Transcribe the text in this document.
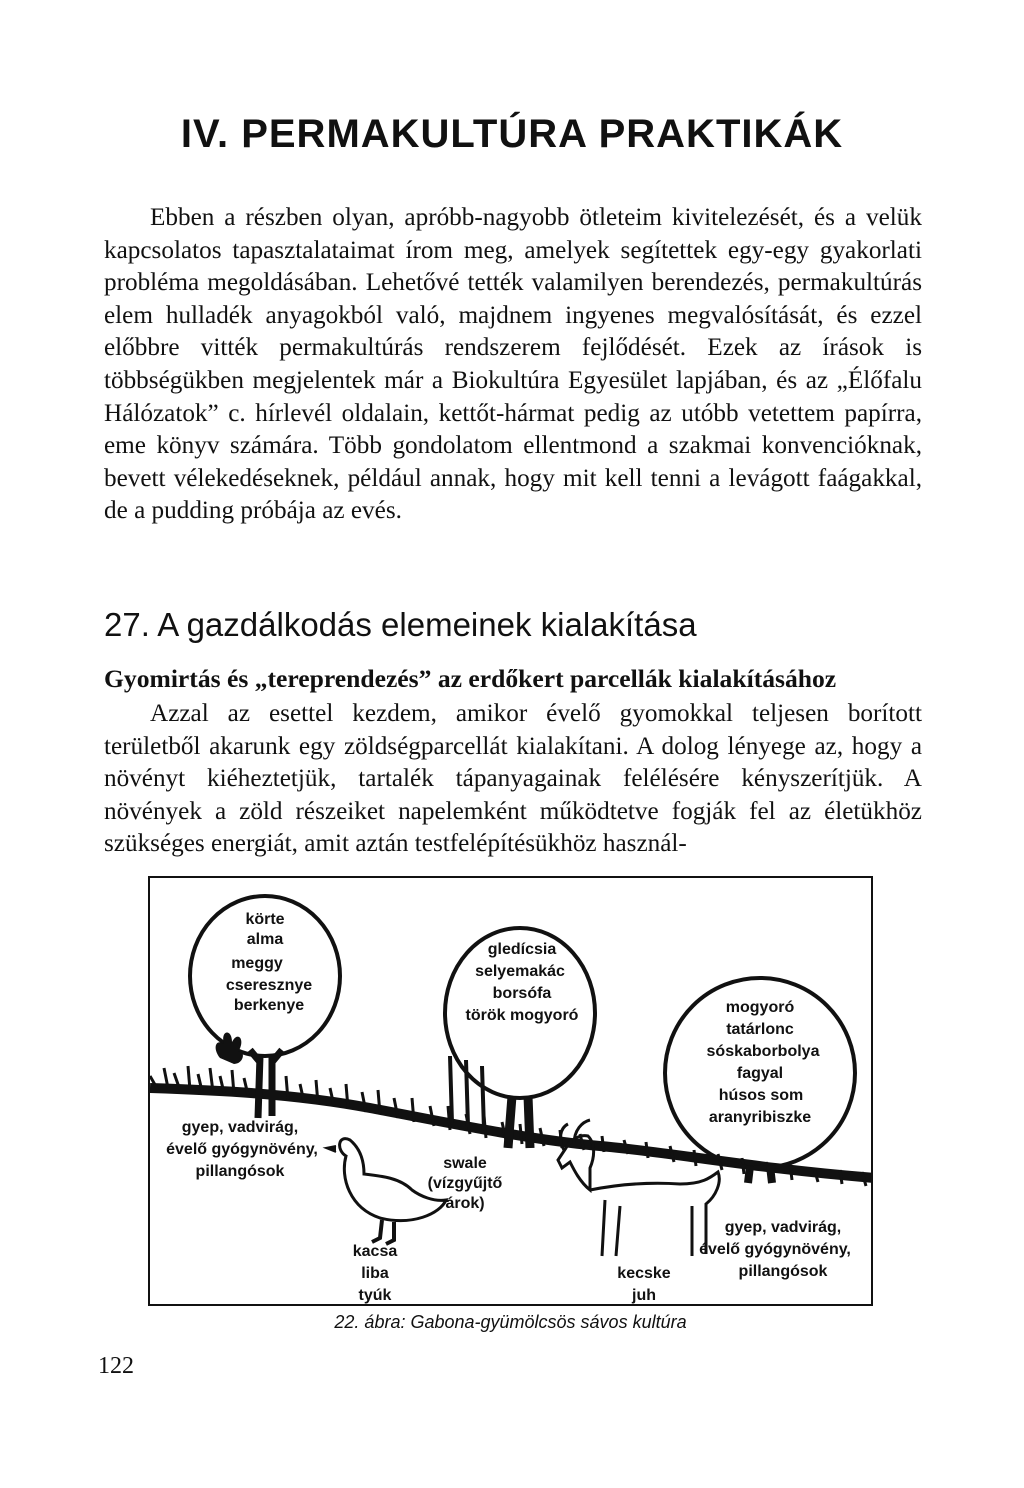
IV. PERMAKULTÚRA PRAKTIKÁK

Ebben a részben olyan, apróbb-nagyobb ötleteim kivitelezését, és a velük kapcsolatos tapasztalataimat írom meg, amelyek segítettek egy-egy gyakorlati probléma megoldásában. Lehetővé tették valamilyen berendezés, permakultúrás elem hulladék anyagokból való, majdnem ingyenes megvalósítását, és ezzel előbbre vitték permakultúrás rendszerem fejlődését. Ezek az írások is többségükben megjelentek már a Biokultúra Egyesület lapjában, és az „Élőfalu Hálózatok” c. hírlevél oldalain, kettőt-hármat pedig az utóbb vetettem papírra, eme könyv számára. Több gondolatom ellentmond a szakmai konvencióknak, bevett vélekedéseknek, például annak, hogy mit kell tenni a levágott faágakkal, de a pudding próbája az evés.

27. A gazdálkodás elemeinek kialakítása
Gyomirtás és „tereprendezés” az erdőkert parcellák kialakításához

Azzal az esettel kezdem, amikor évelő gyomokkal teljesen borított területből akarunk egy zöldségparcellát kialakítani. A dolog lényege az, hogy a növényt kiéheztetjük, tartalék tápanyagainak felélésére kényszerítjük. A növények a zöld részeiket napelemként működtetve fogják fel az életükhöz szükséges energiát, amit aztán testfelépítésükhöz használ-

körte
alma
meggy
cseresznye
berkenye
gledícsia
selyemakác
borsófa
török mogyoró	mogyoró
tatárlonc
sóskaborbolya
fagyal
húsos som
aranyribiszke
gyep, vadvirág,
évelő gyógynövény,
pillangósok	swale
(vízgyűjtő
árok)
kacsa
liba
tyúk
kecske
juh
gyep, vadvirág,
évelő gyógynövény,
pillangósok

22. ábra: Gabona-gyümölcsös sávos kultúra

122
